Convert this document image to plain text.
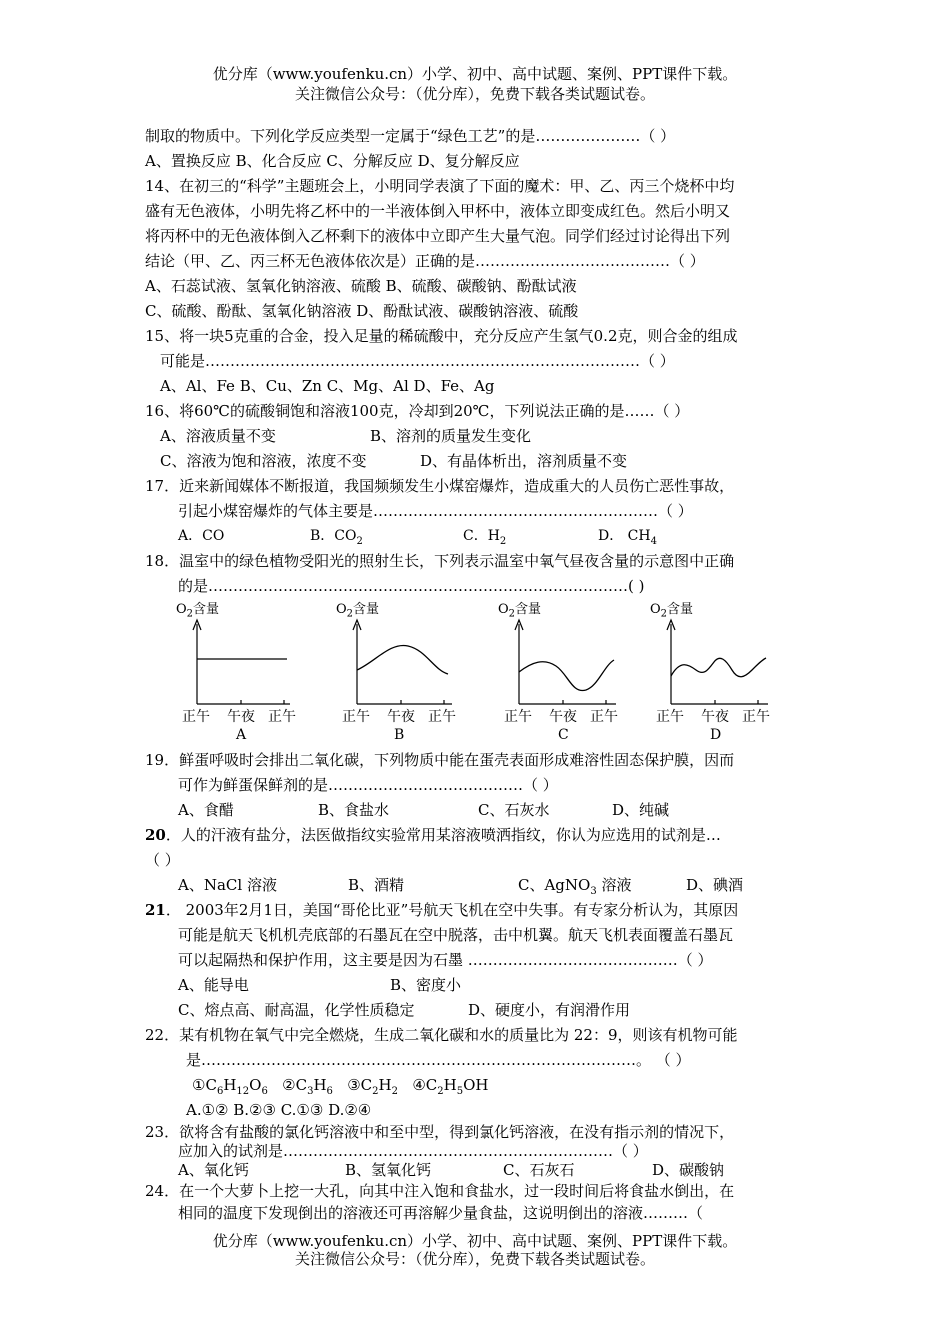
优分库（www.youfenku.cn）小学、初中、高中试题、案例、PPT课件下载。
关注微信公众号：（优分库），免费下载各类试题试卷。
制取的物质中。下列化学反应类型一定属于“绿色工艺”的是…………………（ ）
A、置换反应 B、化合反应 C、分解反应 D、复分解反应
14、在初三的“科学”主题班会上，小明同学表演了下面的魔术：甲、乙、丙三个烧杯中均
盛有无色液体，小明先将乙杯中的一半液体倒入甲杯中，液体立即变成红色。然后小明又
将丙杯中的无色液体倒入乙杯剩下的液体中立即产生大量气泡。同学们经过讨论得出下列
结论（甲、乙、丙三杯无色液体依次是）正确的是…………………………………（ ）
A、石蕊试液、氢氧化钠溶液、硫酸 B、硫酸、碳酸钠、酚酞试液
C、硫酸、酚酞、氢氧化钠溶液 D、酚酞试液、碳酸钠溶液、硫酸
15、将一块5克重的合金，投入足量的稀硫酸中，充分反应产生氢气0.2克，则合金的组成
可能是……………………………………………………………………………（ ）
A、Al、Fe B、Cu、Zn C、Mg、Al D、Fe、Ag
16、将60℃的硫酸铜饱和溶液100克，冷却到20℃，下列说法正确的是……（ ）
A、溶液质量不变	B、溶剂的质量发生变化
C、溶液为饱和溶液，浓度不变	D、有晶体析出，溶剂质量不变
17．近来新闻媒体不断报道，我国频频发生小煤窑爆炸，造成重大的人员伤亡恶性事故，
引起小煤窑爆炸的气体主要是…………………………………………………（ ）
A．CO	B．$CO_2$	C．$H_2$	D． $CH_4$
18．温室中的绿色植物受阳光的照射生长，下列表示温室中氧气昼夜含量的示意图中正确
的是…………………………………………………………………………( )
$O_2$含量
正午 午夜 正午
A
$O_2$含量
正午 午夜 正午
B
$O_2$含量
正午 午夜 正午
C
$O_2$含量
正午 午夜 正午
D
19．鲜蛋呼吸时会排出二氧化碳，下列物质中能在蛋壳表面形成难溶性固态保护膜，因而
可作为鲜蛋保鲜剂的是…………………………………（ ）
A、食醋	B、食盐水	C、石灰水	D、纯碱
20．人的汗液有盐分，法医做指纹实验常用某溶液喷洒指纹，你认为应选用的试剂是…
（ ）
A、NaCl 溶液	B、酒精	C、AgNO$_3$ 溶液	D、碘酒
21． 2003年2月1日，美国“哥伦比亚”号航天飞机在空中失事。有专家分析认为，其原因
可能是航天飞机机壳底部的石墨瓦在空中脱落，击中机翼。航天飞机表面覆盖石墨瓦
可以起隔热和保护作用，这主要是因为石墨 ……………………………………（ ）
A、能导电	B、密度小
C、熔点高、耐高温，化学性质稳定	D、硬度小，有润滑作用
22．某有机物在氧气中完全燃烧，生成二氧化碳和水的质量比为 22：9，则该有机物可能
是……………………………………………………………………………。 （ ）
$①C_6H_{12}O_6$ $②C_3H_6$ $③C_2H_2$ $④C_2H_5OH$
A.①② B.②③ C.①③ D.②④
23．欲将含有盐酸的氯化钙溶液中和至中型，得到氯化钙溶液，在没有指示剂的情况下，
应加入的试剂是…………………………………………………………（ ）
A、氧化钙	B、氢氧化钙	C、石灰石	D、碳酸钠
24．在一个大萝卜上挖一大孔，向其中注入饱和食盐水，过一段时间后将食盐水倒出，在
相同的温度下发现倒出的溶液还可再溶解少量食盐，这说明倒出的溶液………（
优分库（www.youfenku.cn）小学、初中、高中试题、案例、PPT课件下载。
关注微信公众号：（优分库），免费下载各类试题试卷。
